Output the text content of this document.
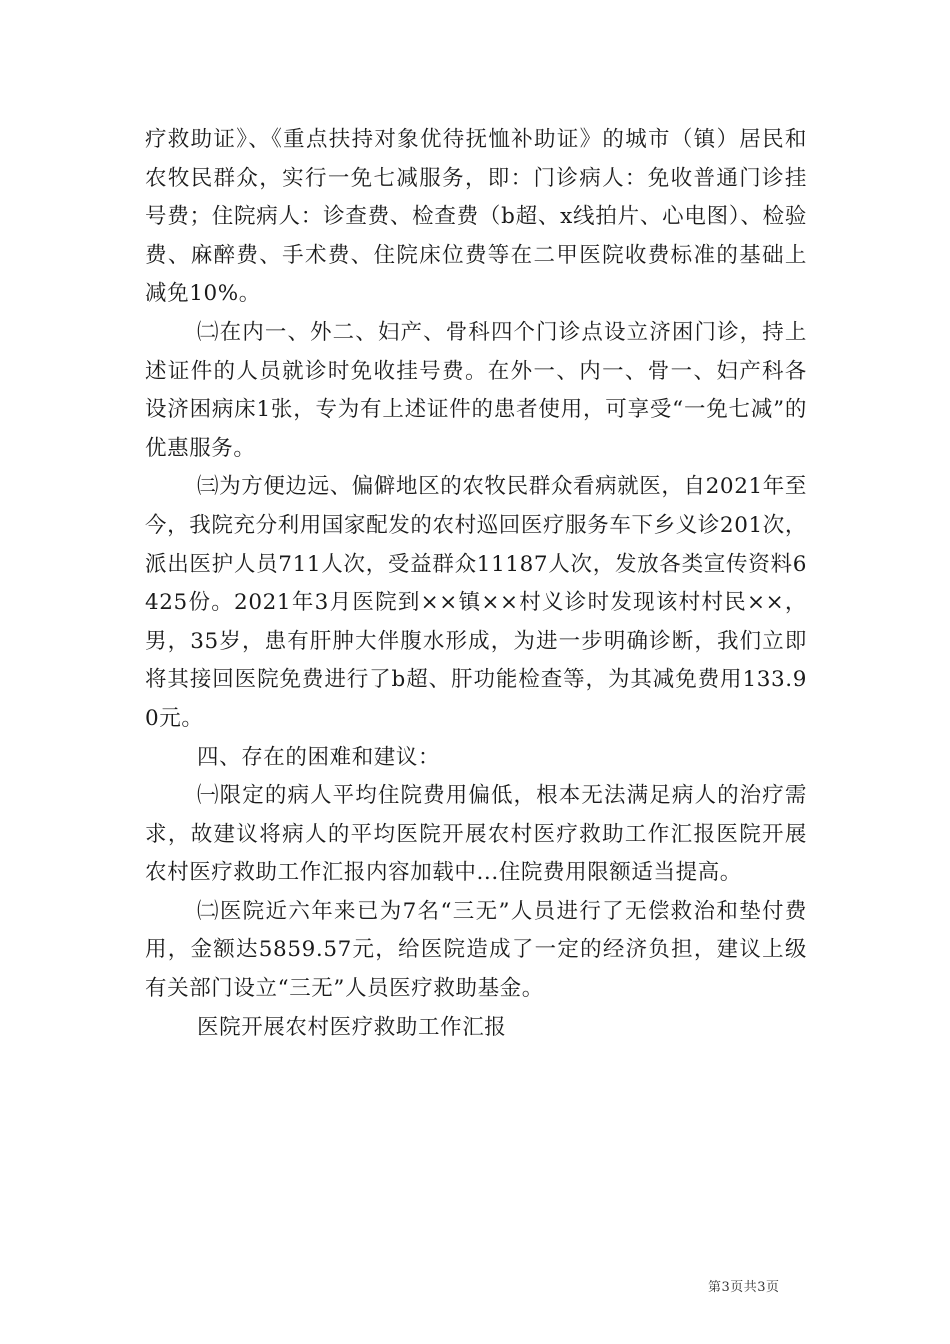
疗救助证》、《重点扶持对象优待抚恤补助证》的城市（镇）居民和农牧民群众，实行一免七减服务，即：门诊病人：免收普通门诊挂号费；住院病人：诊查费、检查费（b超、x线拍片、心电图）、检验费、麻醉费、手术费、住院床位费等在二甲医院收费标准的基础上减免10%。

㈡在内一、外二、妇产、骨科四个门诊点设立济困门诊，持上述证件的人员就诊时免收挂号费。在外一、内一、骨一、妇产科各设济困病床1张，专为有上述证件的患者使用，可享受“一免七减”的优惠服务。

㈢为方便边远、偏僻地区的农牧民群众看病就医，自2021年至今，我院充分利用国家配发的农村巡回医疗服务车下乡义诊201次，派出医护人员711人次，受益群众11187人次，发放各类宣传资料6425份。2021年3月医院到××镇××村义诊时发现该村村民××，男，35岁，患有肝肿大伴腹水形成，为进一步明确诊断，我们立即将其接回医院免费进行了b超、肝功能检查等，为其减免费用133.90元。

四、存在的困难和建议：

㈠限定的病人平均住院费用偏低，根本无法满足病人的治疗需求，故建议将病人的平均医院开展农村医疗救助工作汇报医院开展农村医疗救助工作汇报内容加载中...住院费用限额适当提高。

㈡医院近六年来已为7名“三无”人员进行了无偿救治和垫付费用，金额达5859.57元，给医院造成了一定的经济负担，建议上级有关部门设立“三无”人员医疗救助基金。

医院开展农村医疗救助工作汇报

第3页共3页
